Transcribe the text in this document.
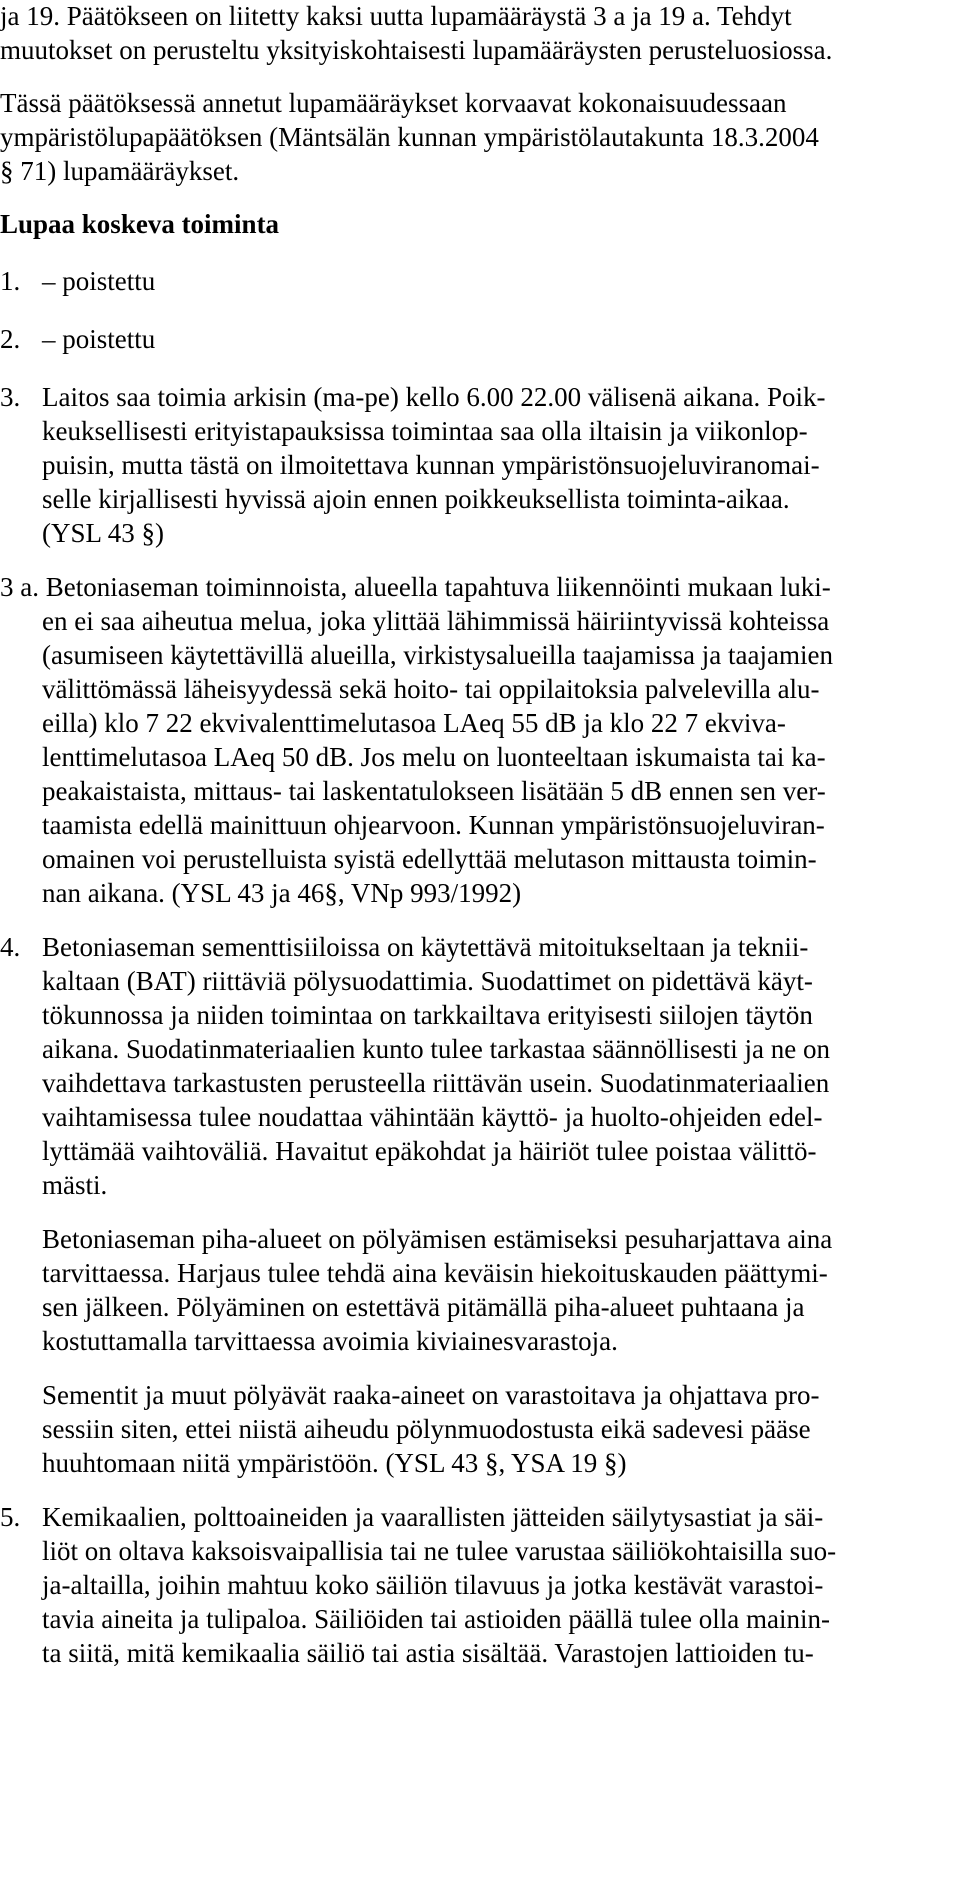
ja 19. Päätökseen on liitetty kaksi uutta lupamääräystä 3 a ja 19 a. Tehdyt
muutokset on perusteltu yksityiskohtaisesti lupamääräysten perusteluosiossa.
Tässä päätöksessä annetut lupamääräykset korvaavat kokonaisuudessaan
ympäristölupapäätöksen (Mäntsälän kunnan ympäristölautakunta 18.3.2004
§ 71) lupamääräykset.
Lupaa koskeva toiminta
1. – poistettu
2. – poistettu
3. Laitos saa toimia arkisin (ma-pe) kello 6.00 22.00 välisenä aikana. Poik-
keuksellisesti erityistapauksissa toimintaa saa olla iltaisin ja viikonlop-
puisin, mutta tästä on ilmoitettava kunnan ympäristönsuojeluviranomai-
selle kirjallisesti hyvissä ajoin ennen poikkeuksellista toiminta-aikaa.
(YSL 43 §)
3 a. Betoniaseman toiminnoista, alueella tapahtuva liikennöinti mukaan luki-
en ei saa aiheutua melua, joka ylittää lähimmissä häiriintyvissä kohteissa
(asumiseen käytettävillä alueilla, virkistysalueilla taajamissa ja taajamien
välittömässä läheisyydessä sekä hoito- tai oppilaitoksia palvelevilla alu-
eilla) klo 7 22 ekvivalenttimelutasoa LAeq 55 dB ja klo 22 7 ekviva-
lenttimelutasoa LAeq 50 dB. Jos melu on luonteeltaan iskumaista tai ka-
peakaistaista, mittaus- tai laskentatulokseen lisätään 5 dB ennen sen ver-
taamista edellä mainittuun ohjearvoon. Kunnan ympäristönsuojeluviran-
omainen voi perustelluista syistä edellyttää melutason mittausta toimin-
nan aikana. (YSL 43 ja 46§, VNp 993/1992)
4. Betoniaseman sementtisiiloissa on käytettävä mitoitukseltaan ja teknii-
kaltaan (BAT) riittäviä pölysuodattimia. Suodattimet on pidettävä käyt-
tökunnossa ja niiden toimintaa on tarkkailtava erityisesti siilojen täytön
aikana. Suodatinmateriaalien kunto tulee tarkastaa säännöllisesti ja ne on
vaihdettava tarkastusten perusteella riittävän usein. Suodatinmateriaalien
vaihtamisessa tulee noudattaa vähintään käyttö- ja huolto-ohjeiden edel-
lyttämää vaihtoväliä. Havaitut epäkohdat ja häiriöt tulee poistaa välittö-
mästi.
Betoniaseman piha-alueet on pölyämisen estämiseksi pesuharjattava aina
tarvittaessa. Harjaus tulee tehdä aina keväisin hiekoituskauden päättymi-
sen jälkeen. Pölyäminen on estettävä pitämällä piha-alueet puhtaana ja
kostuttamalla tarvittaessa avoimia kiviainesvarastoja.
Sementit ja muut pölyävät raaka-aineet on varastoitava ja ohjattava pro-
sessiin siten, ettei niistä aiheudu pölynmuodostusta eikä sadevesi pääse
huuhtomaan niitä ympäristöön. (YSL 43 §, YSA 19 §)
5. Kemikaalien, polttoaineiden ja vaarallisten jätteiden säilytysastiat ja säi-
liöt on oltava kaksoisvaipallisia tai ne tulee varustaa säiliökohtaisilla suo-
ja-altailla, joihin mahtuu koko säiliön tilavuus ja jotka kestävät varastoi-
tavia aineita ja tulipaloa. Säiliöiden tai astioiden päällä tulee olla mainin-
ta siitä, mitä kemikaalia säiliö tai astia sisältää. Varastojen lattioiden tu-
